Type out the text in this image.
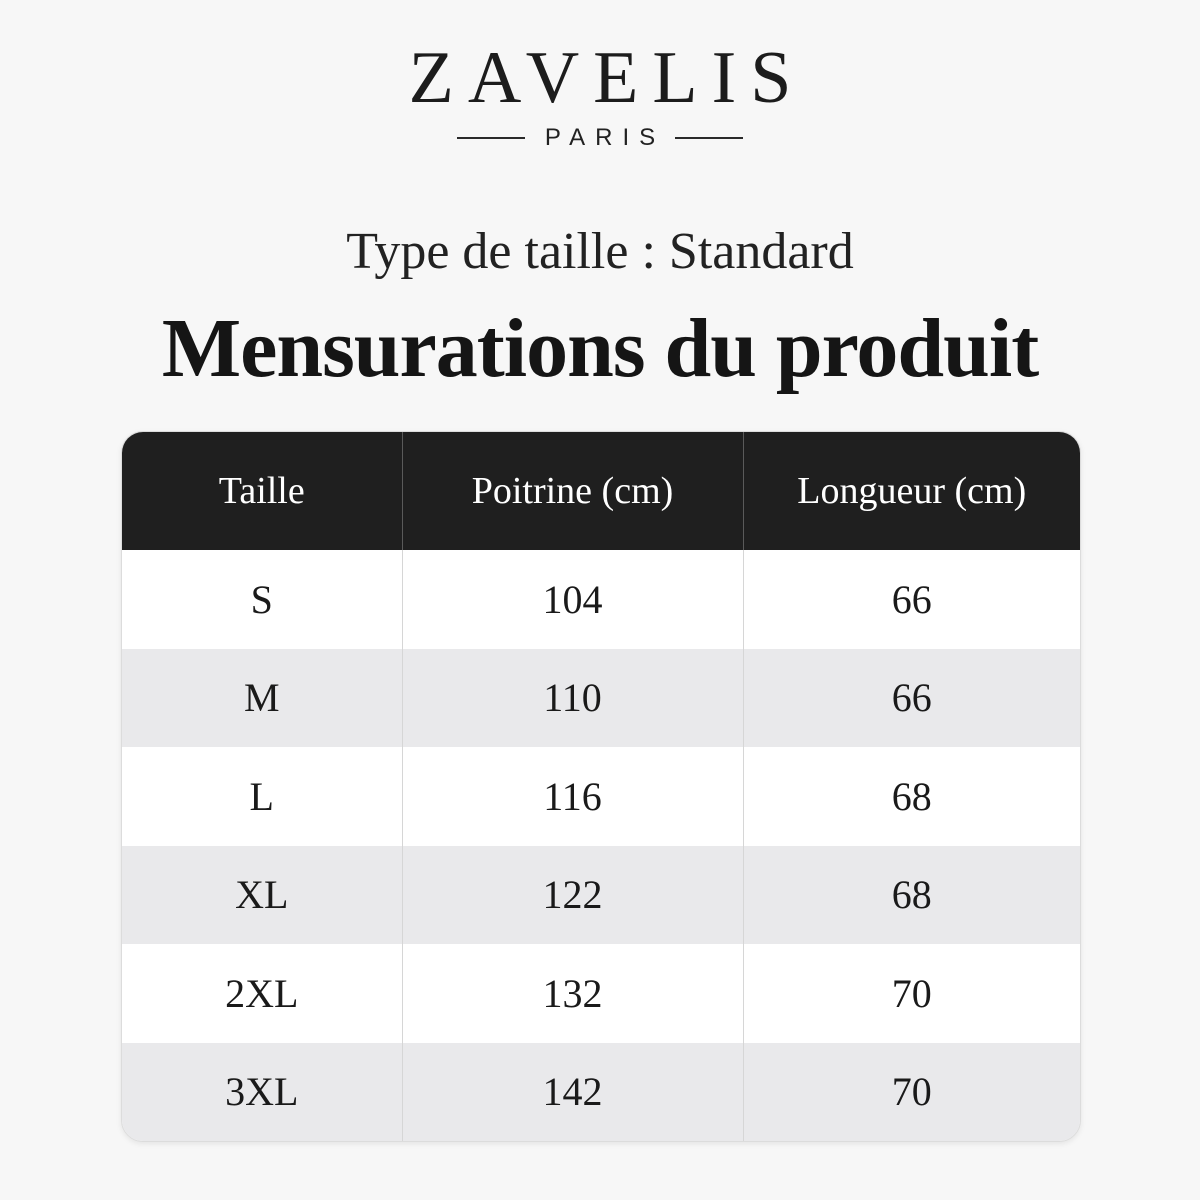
ZAVELIS
PARIS
Type de taille : Standard
Mensurations du produit
Taille	Poitrine (cm)	Longueur (cm)
S	104	66
M	110	66
L	116	68
XL	122	68
2XL	132	70
3XL	142	70
